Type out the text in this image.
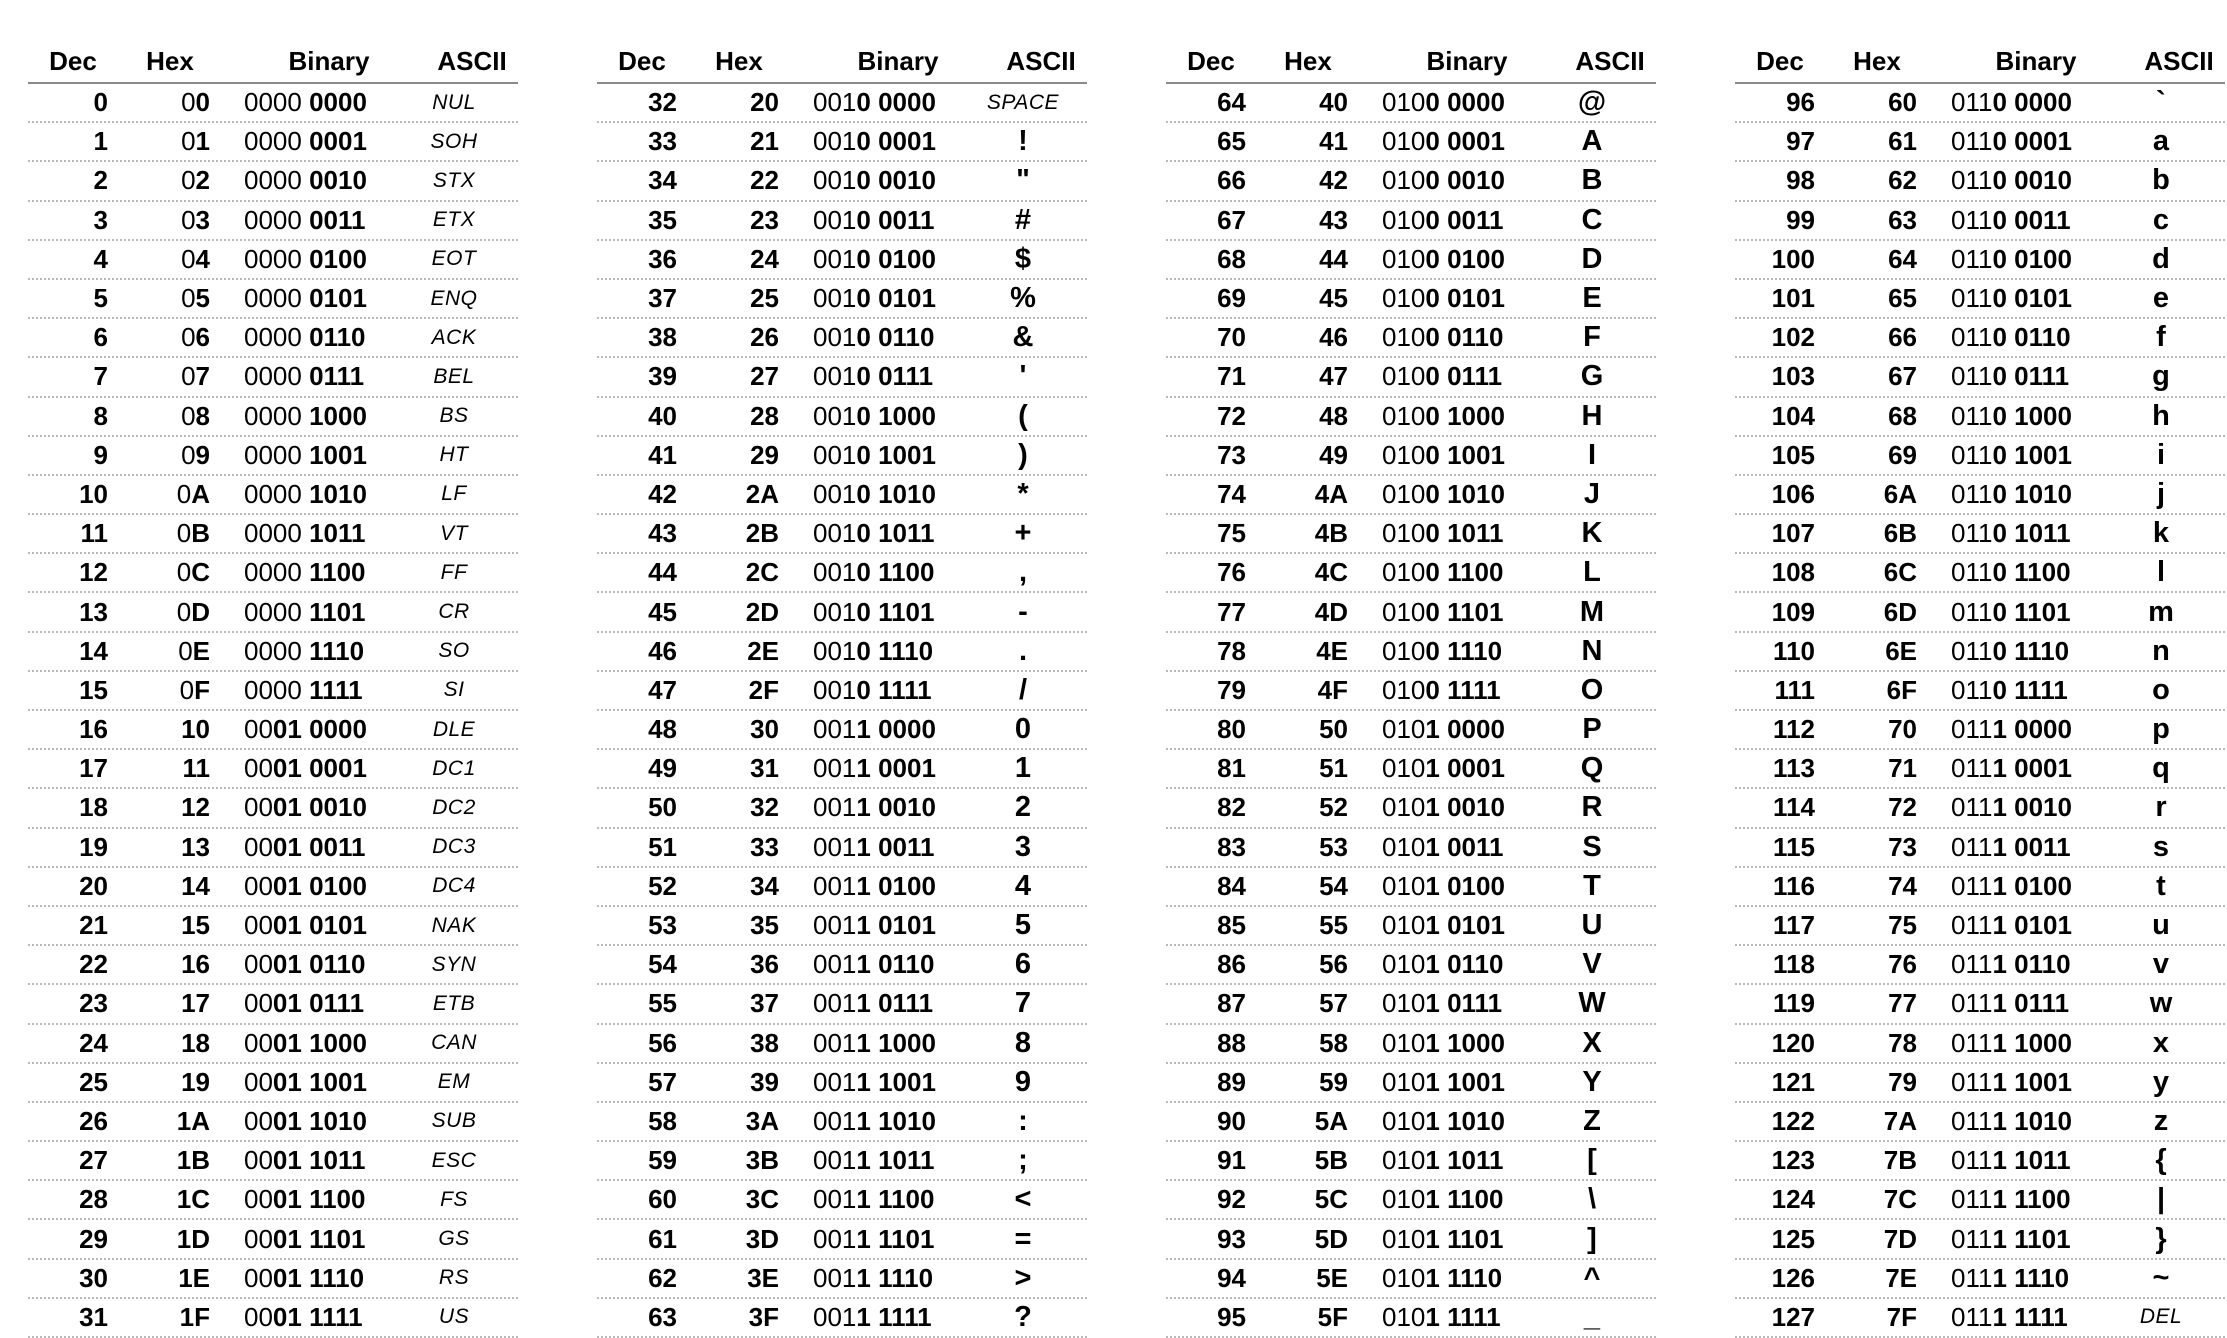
Dec	Hex	Binary	ASCII
0	00	0000 0000	NUL
1	01	0000 0001	SOH
2	02	0000 0010	STX
3	03	0000 0011	ETX
4	04	0000 0100	EOT
5	05	0000 0101	ENQ
6	06	0000 0110	ACK
7	07	0000 0111	BEL
8	08	0000 1000	BS
9	09	0000 1001	HT
10	0A	0000 1010	LF
11	0B	0000 1011	VT
12	0C	0000 1100	FF
13	0D	0000 1101	CR
14	0E	0000 1110	SO
15	0F	0000 1111	SI
16	10	0001 0000	DLE
17	11	0001 0001	DC1
18	12	0001 0010	DC2
19	13	0001 0011	DC3
20	14	0001 0100	DC4
21	15	0001 0101	NAK
22	16	0001 0110	SYN
23	17	0001 0111	ETB
24	18	0001 1000	CAN
25	19	0001 1001	EM
26	1A	0001 1010	SUB
27	1B	0001 1011	ESC
28	1C	0001 1100	FS
29	1D	0001 1101	GS
30	1E	0001 1110	RS
31	1F	0001 1111	US
Dec	Hex	Binary	ASCII
32	20	0010 0000	SPACE
33	21	0010 0001	!
34	22	0010 0010	"
35	23	0010 0011	#
36	24	0010 0100	$
37	25	0010 0101	%
38	26	0010 0110	&
39	27	0010 0111	'
40	28	0010 1000	(
41	29	0010 1001	)
42	2A	0010 1010	*
43	2B	0010 1011	+
44	2C	0010 1100	,
45	2D	0010 1101	-
46	2E	0010 1110	.
47	2F	0010 1111	/
48	30	0011 0000	0
49	31	0011 0001	1
50	32	0011 0010	2
51	33	0011 0011	3
52	34	0011 0100	4
53	35	0011 0101	5
54	36	0011 0110	6
55	37	0011 0111	7
56	38	0011 1000	8
57	39	0011 1001	9
58	3A	0011 1010	:
59	3B	0011 1011	;
60	3C	0011 1100	<
61	3D	0011 1101	=
62	3E	0011 1110	>
63	3F	0011 1111	?
Dec	Hex	Binary	ASCII
64	40	0100 0000	@
65	41	0100 0001	A
66	42	0100 0010	B
67	43	0100 0011	C
68	44	0100 0100	D
69	45	0100 0101	E
70	46	0100 0110	F
71	47	0100 0111	G
72	48	0100 1000	H
73	49	0100 1001	I
74	4A	0100 1010	J
75	4B	0100 1011	K
76	4C	0100 1100	L
77	4D	0100 1101	M
78	4E	0100 1110	N
79	4F	0100 1111	O
80	50	0101 0000	P
81	51	0101 0001	Q
82	52	0101 0010	R
83	53	0101 0011	S
84	54	0101 0100	T
85	55	0101 0101	U
86	56	0101 0110	V
87	57	0101 0111	W
88	58	0101 1000	X
89	59	0101 1001	Y
90	5A	0101 1010	Z
91	5B	0101 1011	[
92	5C	0101 1100	\
93	5D	0101 1101	]
94	5E	0101 1110	^
95	5F	0101 1111	_
Dec	Hex	Binary	ASCII
96	60	0110 0000	`
97	61	0110 0001	a
98	62	0110 0010	b
99	63	0110 0011	c
100	64	0110 0100	d
101	65	0110 0101	e
102	66	0110 0110	f
103	67	0110 0111	g
104	68	0110 1000	h
105	69	0110 1001	i
106	6A	0110 1010	j
107	6B	0110 1011	k
108	6C	0110 1100	l
109	6D	0110 1101	m
110	6E	0110 1110	n
111	6F	0110 1111	o
112	70	0111 0000	p
113	71	0111 0001	q
114	72	0111 0010	r
115	73	0111 0011	s
116	74	0111 0100	t
117	75	0111 0101	u
118	76	0111 0110	v
119	77	0111 0111	w
120	78	0111 1000	x
121	79	0111 1001	y
122	7A	0111 1010	z
123	7B	0111 1011	{
124	7C	0111 1100	|
125	7D	0111 1101	}
126	7E	0111 1110	~
127	7F	0111 1111	DEL
